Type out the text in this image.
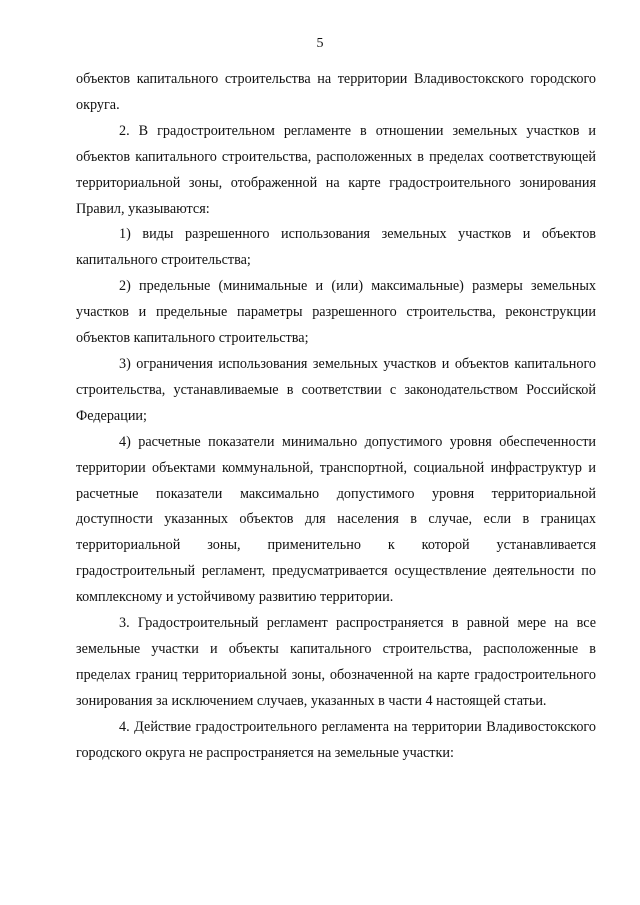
5

объектов капитального строительства на территории Владивостокского городского округа.

2. В градостроительном регламенте в отношении земельных участков и объектов капитального строительства, расположенных в пределах соответствующей территориальной зоны, отображенной на карте градостроительного зонирования Правил, указываются:

1) виды разрешенного использования земельных участков и объектов капитального строительства;

2) предельные (минимальные и (или) максимальные) размеры земельных участков и предельные параметры разрешенного строительства, реконструкции объектов капитального строительства;

3) ограничения использования земельных участков и объектов капитального строительства, устанавливаемые в соответствии с законодательством Российской Федерации;

4) расчетные показатели минимально допустимого уровня обеспеченности территории объектами коммунальной, транспортной, социальной инфраструктур и расчетные показатели максимально допустимого уровня территориальной доступности указанных объектов для населения в случае, если в границах территориальной зоны, применительно к которой устанавливается градостроительный регламент, предусматривается осуществление деятельности по комплексному и устойчивому развитию территории.

3. Градостроительный регламент распространяется в равной мере на все земельные участки и объекты капитального строительства, расположенные в пределах границ территориальной зоны, обозначенной на карте градостроительного зонирования за исключением случаев, указанных в части 4 настоящей статьи.

4. Действие градостроительного регламента на территории Владивостокского городского округа не распространяется на земельные участки:
